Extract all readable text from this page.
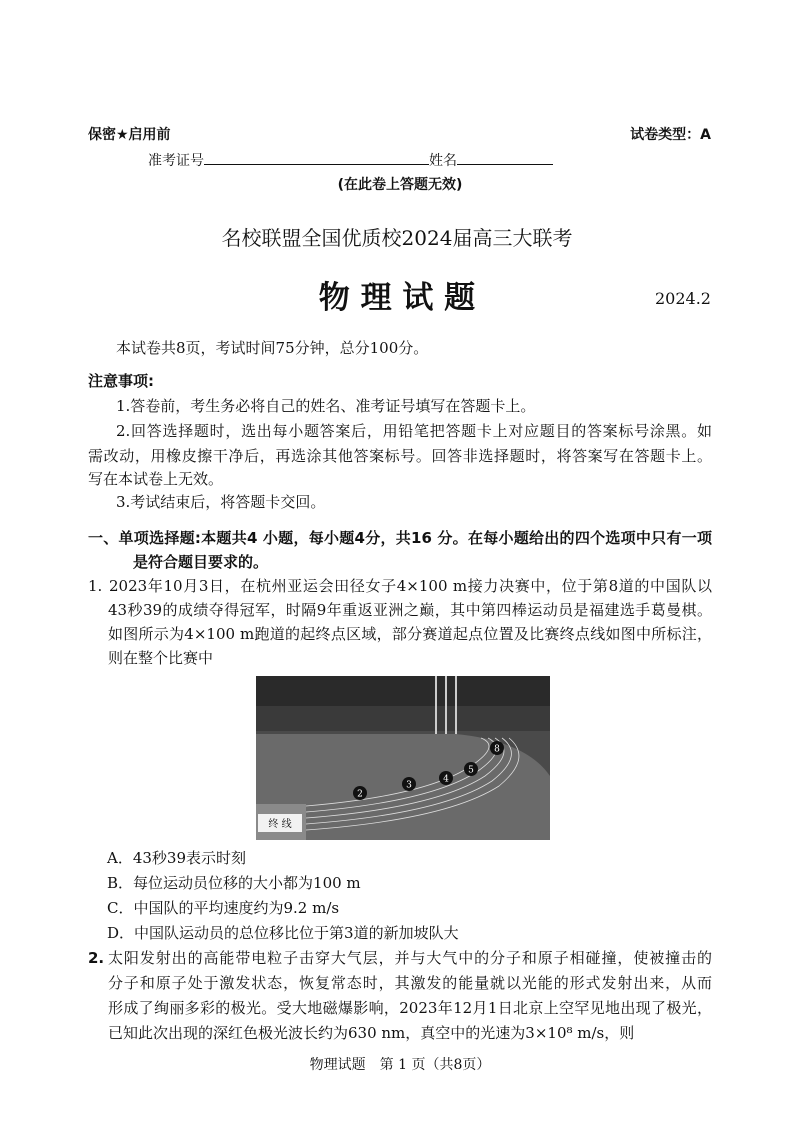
保密★启用前	试卷类型：A
准考证号	姓名
(在此卷上答题无效)
名校联盟全国优质校2024届高三大联考
物 理 试 题	2024.2
本试卷共8页，考试时间75分钟，总分100分。
注意事项:
1.答卷前，考生务必将自己的姓名、准考证号填写在答题卡上。
2.回答选择题时，选出每小题答案后，用铅笔把答题卡上对应题目的答案标号涂黑。如
需改动，用橡皮擦干净后，再选涂其他答案标号。回答非选择题时，将答案写在答题卡上。
写在本试卷上无效。
3.考试结束后，将答题卡交回。
一、单项选择题:本题共4 小题，每小题4分，共16 分。在每小题给出的四个选项中只有一项
是符合题目要求的。
1. 2023年10月3日，在杭州亚运会田径女子4×100 m接力决赛中，位于第8道的中国队以
43秒39的成绩夺得冠军，时隔9年重返亚洲之巅，其中第四棒运动员是福建选手葛曼棋。
如图所示为4×100 m跑道的起终点区域，部分赛道起点位置及比赛终点线如图中所标注，
则在整个比赛中
终 线
2
3
4
5
8
A．43秒39表示时刻
B．每位运动员位移的大小都为100 m
C．中国队的平均速度约为9.2 m/s
D．中国队运动员的总位移比位于第3道的新加坡队大
2. 太阳发射出的高能带电粒子击穿大气层，并与大气中的分子和原子相碰撞，使被撞击的
分子和原子处于激发状态，恢复常态时，其激发的能量就以光能的形式发射出来，从而
形成了绚丽多彩的极光。受大地磁爆影响，2023年12月1日北京上空罕见地出现了极光，
已知此次出现的深红色极光波长约为630 nm，真空中的光速为3×10⁸ m/s，则
物理试题　第 1 页（共8页）
